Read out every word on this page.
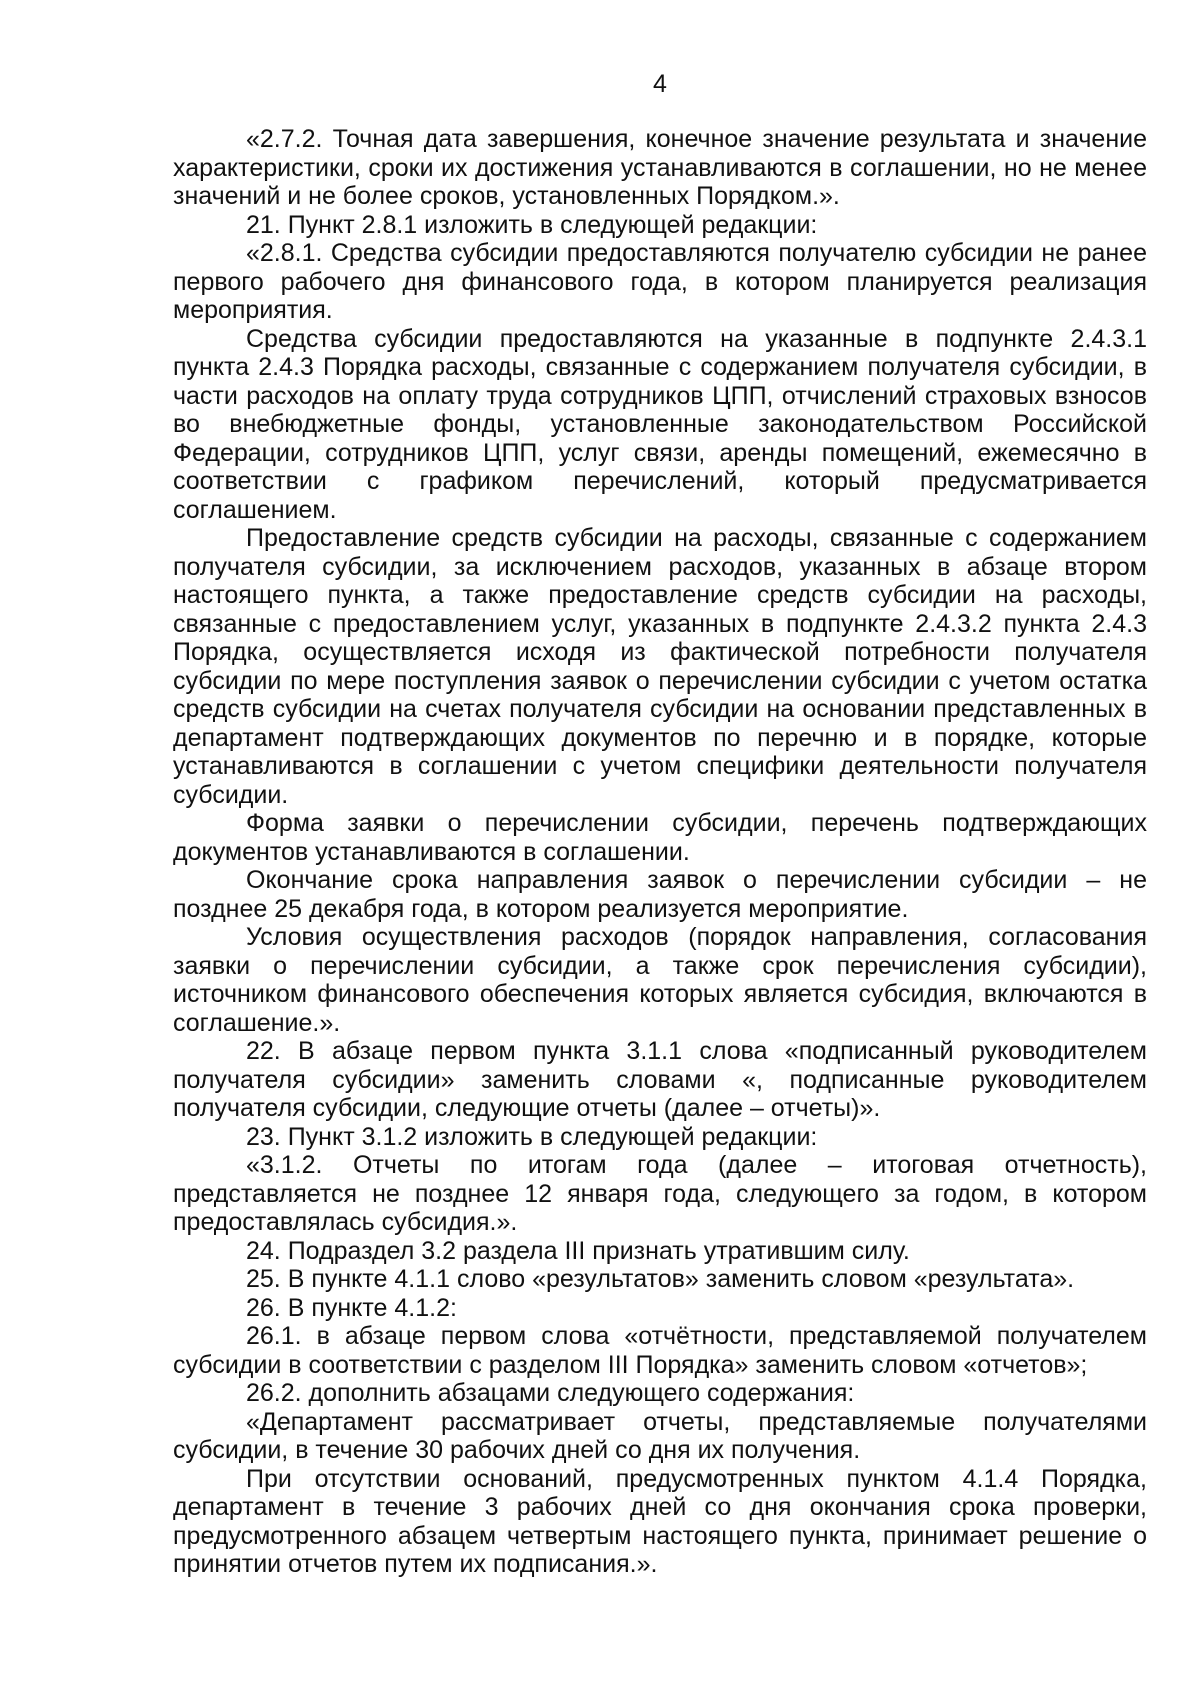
4

«2.7.2. Точная дата завершения, конечное значение результата и значение характеристики, сроки их достижения устанавливаются в соглашении, но не менее значений и не более сроков, установленных Порядком.».

21. Пункт 2.8.1 изложить в следующей редакции:

«2.8.1. Средства субсидии предоставляются получателю субсидии не ранее первого рабочего дня финансового года, в котором планируется реализация мероприятия.

Средства субсидии предоставляются на указанные в подпункте 2.4.3.1 пункта 2.4.3 Порядка расходы, связанные с содержанием получателя субсидии, в части расходов на оплату труда сотрудников ЦПП, отчислений страховых взносов во внебюджетные фонды, установленные законодательством Российской Федерации, сотрудников ЦПП, услуг связи, аренды помещений, ежемесячно в соответствии с графиком перечислений, который предусматривается соглашением.

Предоставление средств субсидии на расходы, связанные с содержанием получателя субсидии, за исключением расходов, указанных в абзаце втором настоящего пункта, а также предоставление средств субсидии на расходы, связанные с предоставлением услуг, указанных в подпункте 2.4.3.2 пункта 2.4.3 Порядка, осуществляется исходя из фактической потребности получателя субсидии по мере поступления заявок о перечислении субсидии с учетом остатка средств субсидии на счетах получателя субсидии на основании представленных в департамент подтверждающих документов по перечню и в порядке, которые устанавливаются в соглашении с учетом специфики деятельности получателя субсидии.

Форма заявки о перечислении субсидии, перечень подтверждающих документов устанавливаются в соглашении.

Окончание срока направления заявок о перечислении субсидии – не позднее 25 декабря года, в котором реализуется мероприятие.

Условия осуществления расходов (порядок направления, согласования заявки о перечислении субсидии, а также срок перечисления субсидии), источником финансового обеспечения которых является субсидия, включаются в соглашение.».

22. В абзаце первом пункта 3.1.1 слова «подписанный руководителем получателя субсидии» заменить словами «, подписанные руководителем получателя субсидии, следующие отчеты (далее – отчеты)».

23. Пункт 3.1.2 изложить в следующей редакции:

«3.1.2. Отчеты по итогам года (далее – итоговая отчетность), представляется не позднее 12 января года, следующего за годом, в котором предоставлялась субсидия.».

24. Подраздел 3.2 раздела III признать утратившим силу.

25. В пункте 4.1.1 слово «результатов» заменить словом «результата».

26. В пункте 4.1.2:

26.1. в абзаце первом слова «отчётности, представляемой получателем субсидии в соответствии с разделом III Порядка» заменить словом «отчетов»;

26.2. дополнить абзацами следующего содержания:

«Департамент рассматривает отчеты, представляемые получателями субсидии, в течение 30 рабочих дней со дня их получения.

При отсутствии оснований, предусмотренных пунктом 4.1.4 Порядка, департамент в течение 3 рабочих дней со дня окончания срока проверки, предусмотренного абзацем четвертым настоящего пункта, принимает решение о принятии отчетов путем их подписания.».
